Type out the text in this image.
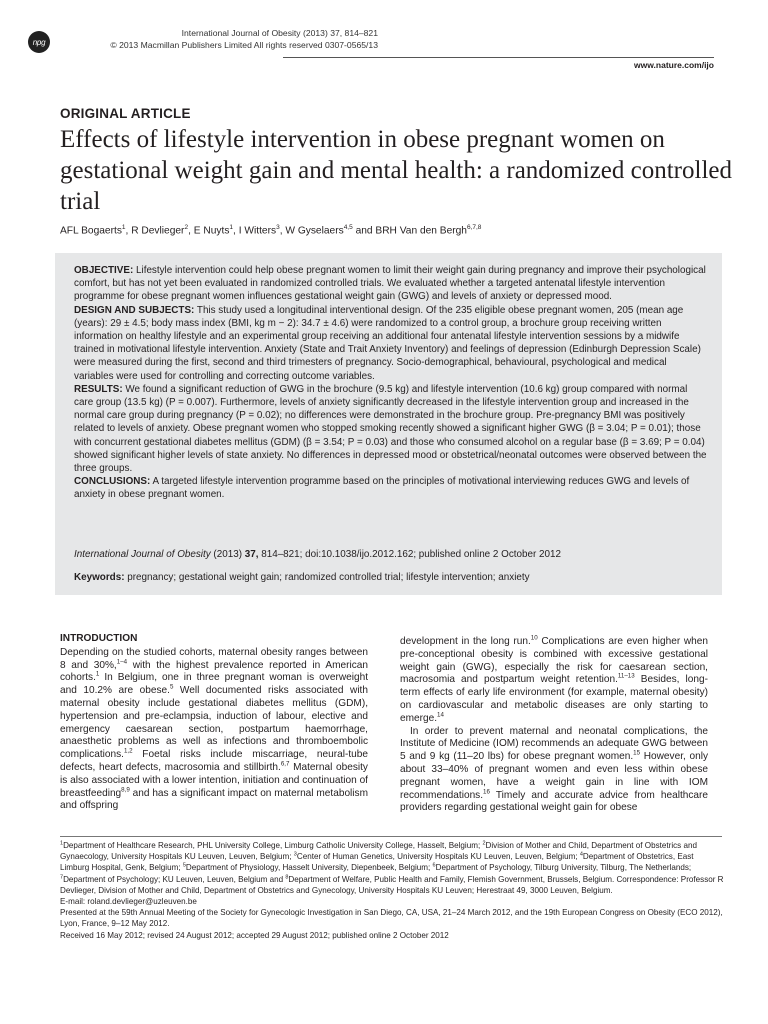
npg
International Journal of Obesity (2013) 37, 814–821
© 2013 Macmillan Publishers Limited All rights reserved 0307-0565/13
www.nature.com/ijo
ORIGINAL ARTICLE
Effects of lifestyle intervention in obese pregnant women on gestational weight gain and mental health: a randomized controlled trial
AFL Bogaerts$^1$, R Devlieger$^2$, E Nuyts$^1$, I Witters$^3$, W Gyselaers$^{4,5}$ and BRH Van den Bergh$^{6,7,8}$

OBJECTIVE: Lifestyle intervention could help obese pregnant women to limit their weight gain during pregnancy and improve their psychological comfort, but has not yet been evaluated in randomized controlled trials. We evaluated whether a targeted antenatal lifestyle intervention programme for obese pregnant women influences gestational weight gain (GWG) and levels of anxiety or depressed mood.

DESIGN AND SUBJECTS: This study used a longitudinal interventional design. Of the 235 eligible obese pregnant women, 205 (mean age (years): 29 ± 4.5; body mass index (BMI, kg m − 2): 34.7 ± 4.6) were randomized to a control group, a brochure group receiving written information on healthy lifestyle and an experimental group receiving an additional four antenatal lifestyle intervention sessions by a midwife trained in motivational lifestyle intervention. Anxiety (State and Trait Anxiety Inventory) and feelings of depression (Edinburgh Depression Scale) were measured during the first, second and third trimesters of pregnancy. Socio-demographical, behavioural, psychological and medical variables were used for controlling and correcting outcome variables.

RESULTS: We found a significant reduction of GWG in the brochure (9.5 kg) and lifestyle intervention (10.6 kg) group compared with normal care group (13.5 kg) (P = 0.007). Furthermore, levels of anxiety significantly decreased in the lifestyle intervention group and increased in the normal care group during pregnancy (P = 0.02); no differences were demonstrated in the brochure group. Pre-pregnancy BMI was positively related to levels of anxiety. Obese pregnant women who stopped smoking recently showed a significant higher GWG (β = 3.04; P = 0.01); those with concurrent gestational diabetes mellitus (GDM) (β = 3.54; P = 0.03) and those who consumed alcohol on a regular base (β = 3.69; P = 0.04) showed significant higher levels of state anxiety. No differences in depressed mood or obstetrical/neonatal outcomes were observed between the three groups.

CONCLUSIONS: A targeted lifestyle intervention programme based on the principles of motivational interviewing reduces GWG and levels of anxiety in obese pregnant women.

International Journal of Obesity (2013) 37, 814–821; doi:10.1038/ijo.2012.162; published online 2 October 2012
Keywords: pregnancy; gestational weight gain; randomized controlled trial; lifestyle intervention; anxiety
INTRODUCTION

Depending on the studied cohorts, maternal obesity ranges between 8 and 30%,$^{1-4}$ with the highest prevalence reported in American cohorts.$^1$ In Belgium, one in three pregnant woman is overweight and 10.2% are obese.$^5$ Well documented risks associated with maternal obesity include gestational diabetes mellitus (GDM), hypertension and pre-eclampsia, induction of labour, elective and emergency caesarean section, postpartum haemorrhage, anaesthetic problems as well as infections and thromboembolic complications.$^{1,2}$ Foetal risks include miscarriage, neural-tube defects, heart defects, macrosomia and stillbirth.$^{6,7}$ Maternal obesity is also associated with a lower intention, initiation and continuation of breastfeeding$^{8,9}$ and has a significant impact on maternal metabolism and offspring

development in the long run.$^{10}$ Complications are even higher when pre-conceptional obesity is combined with excessive gestational weight gain (GWG), especially the risk for caesarean section, macrosomia and postpartum weight retention.$^{11-13}$ Besides, long-term effects of early life environment (for example, maternal obesity) on cardiovascular and metabolic diseases are only starting to emerge.$^{14}$

In order to prevent maternal and neonatal complications, the Institute of Medicine (IOM) recommends an adequate GWG between 5 and 9 kg (11–20 lbs) for obese pregnant women.$^{15}$ However, only about 33–40% of pregnant women and even less within obese pregnant women, have a weight gain in line with IOM recommendations.$^{16}$ Timely and accurate advice from healthcare providers regarding gestational weight gain for obese

$^1$Department of Healthcare Research, PHL University College, Limburg Catholic University College, Hasselt, Belgium; $^2$Division of Mother and Child, Department of Obstetrics and Gynaecology, University Hospitals KU Leuven, Leuven, Belgium; $^3$Center of Human Genetics, University Hospitals KU Leuven, Leuven, Belgium; $^4$Department of Obstetrics, East Limburg Hospital, Genk, Belgium; $^5$Department of Physiology, Hasselt University, Diepenbeek, Belgium; $^6$Department of Psychology, Tilburg University, Tilburg, The Netherlands; $^7$Department of Psychology; KU Leuven, Leuven, Belgium and $^8$Department of Welfare, Public Health and Family, Flemish Government, Brussels, Belgium. Correspondence: Professor R Devlieger, Division of Mother and Child, Department of Obstetrics and Gynecology, University Hospitals KU Leuven; Herestraat 49, 3000 Leuven, Belgium.

E-mail: roland.devlieger@uzleuven.be

Presented at the 59th Annual Meeting of the Society for Gynecologic Investigation in San Diego, CA, USA, 21–24 March 2012, and the 19th European Congress on Obesity (ECO 2012), Lyon, France, 9–12 May 2012.

Received 16 May 2012; revised 24 August 2012; accepted 29 August 2012; published online 2 October 2012
